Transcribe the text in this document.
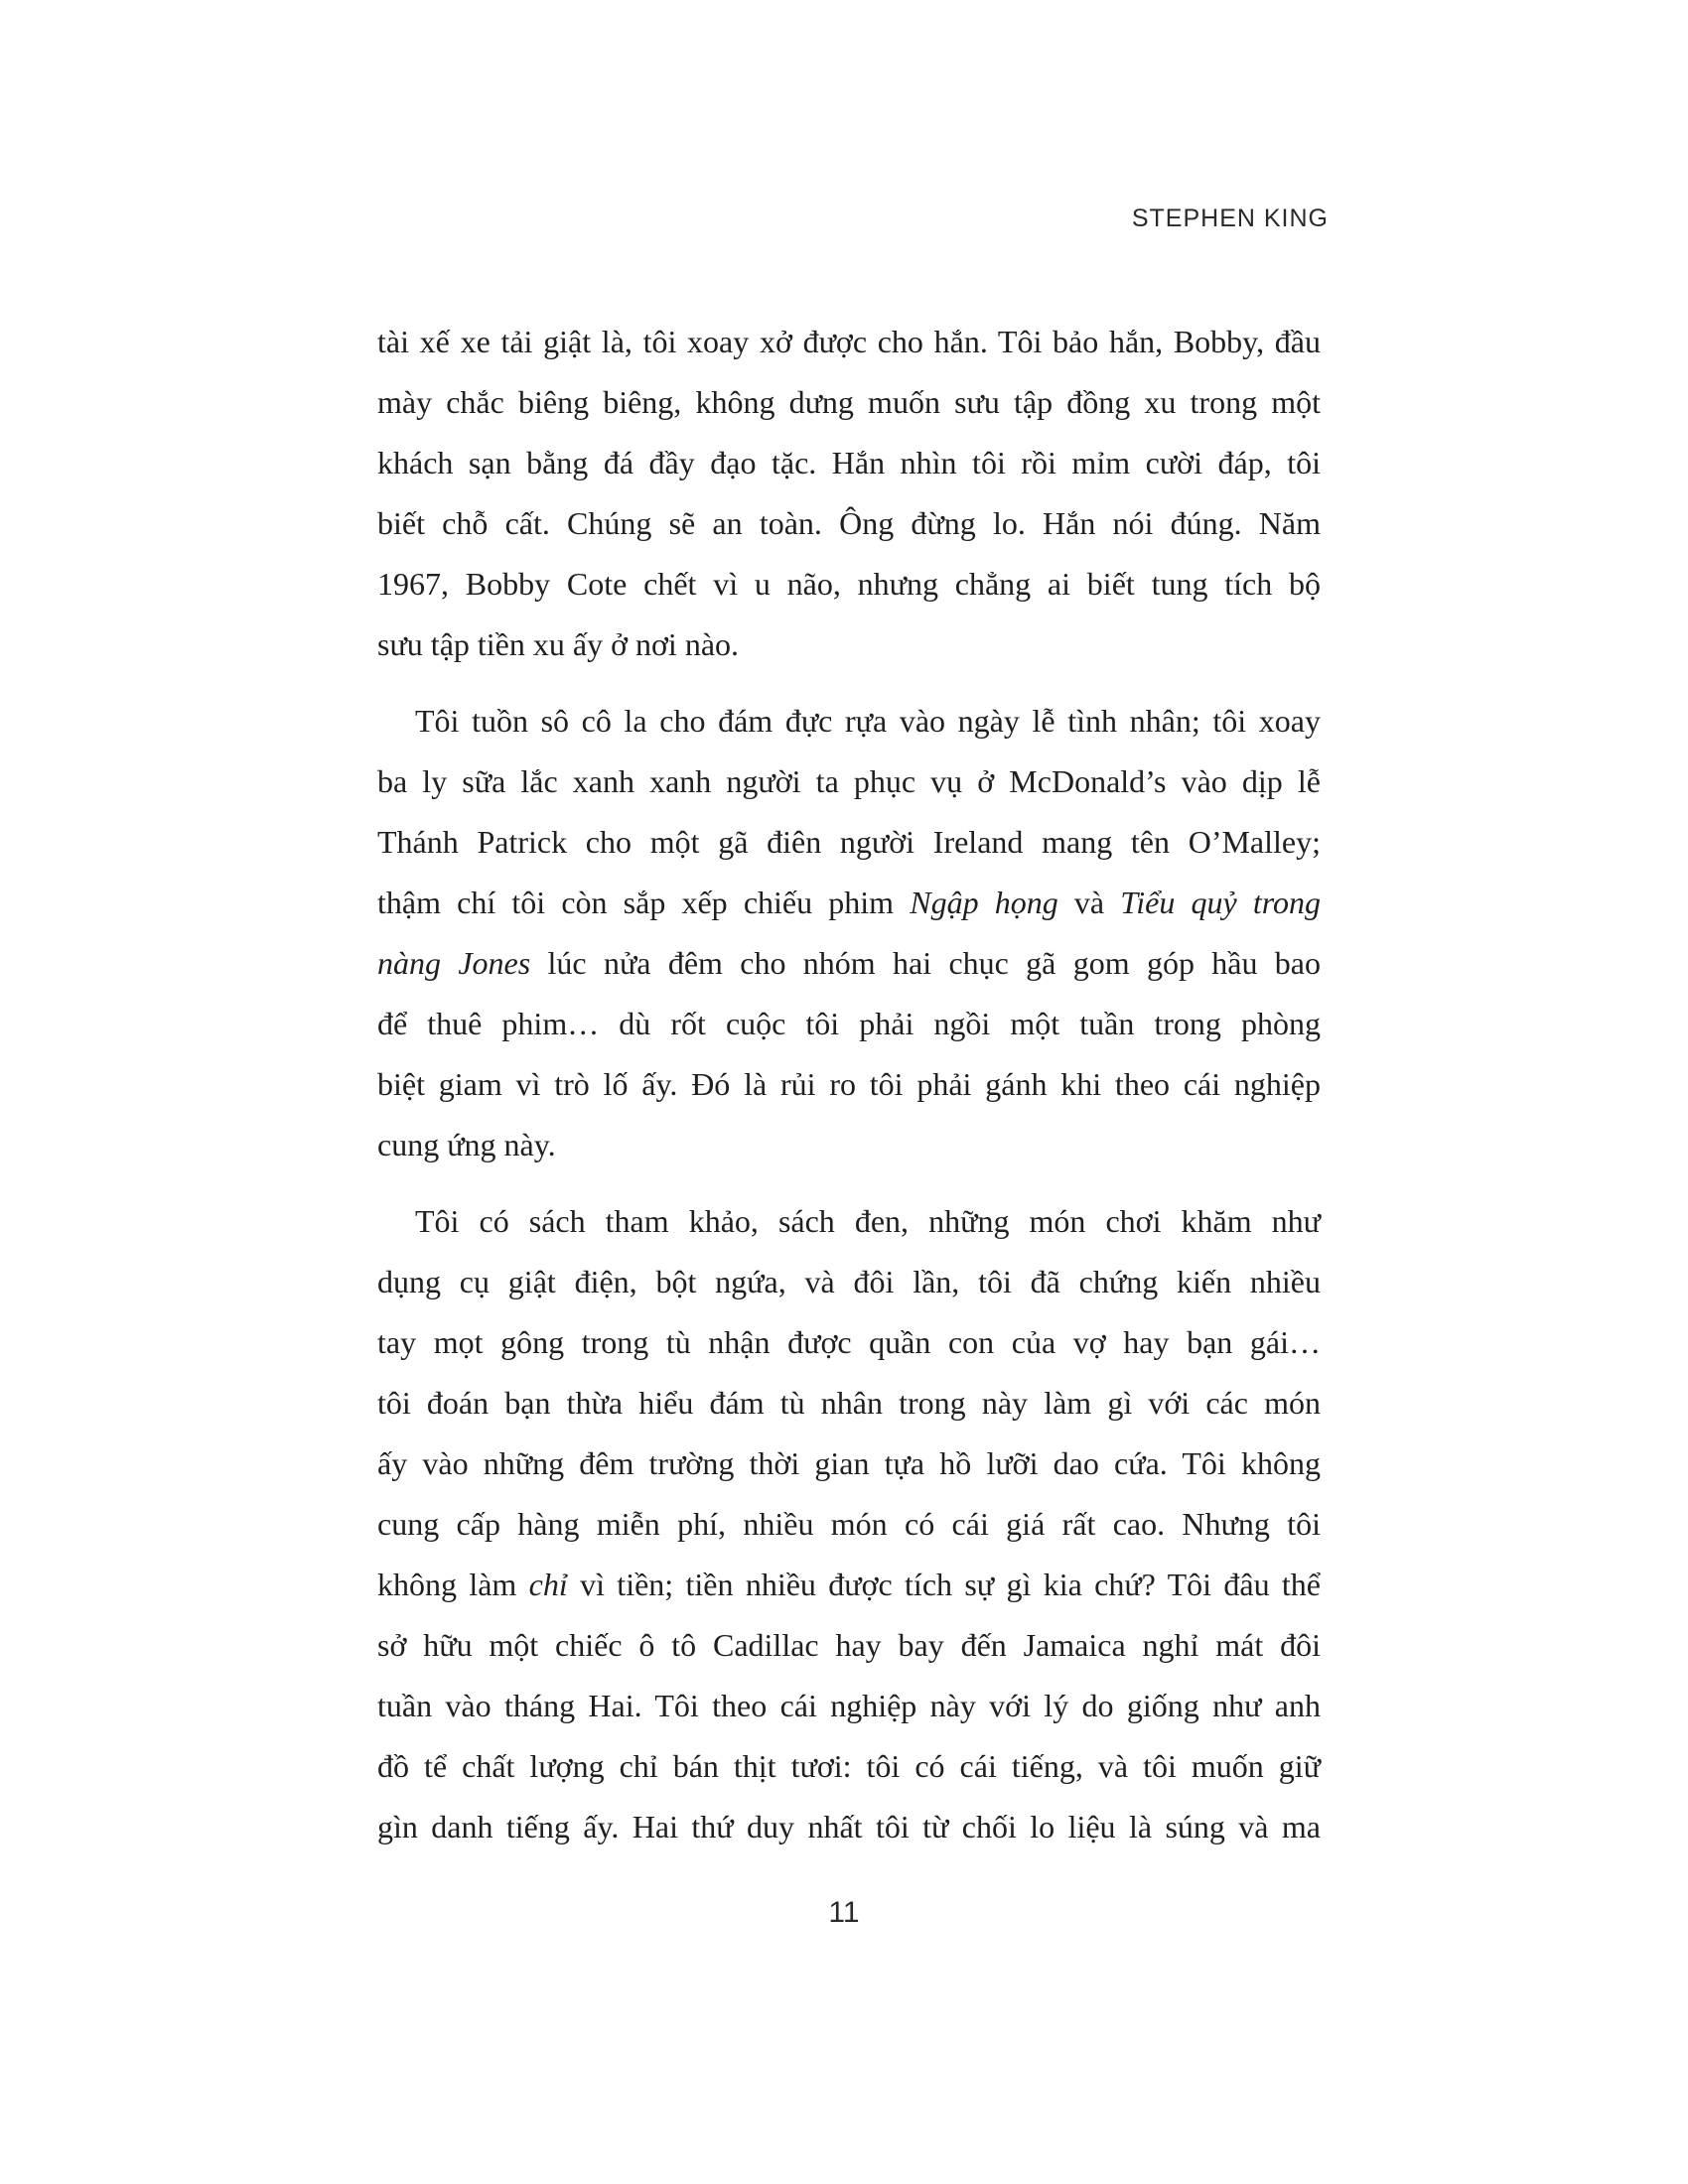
STEPHEN KING
tài xế xe tải giật là, tôi xoay xở được cho hắn. Tôi bảo hắn, Bobby, đầu
mày chắc biêng biêng, không dưng muốn sưu tập đồng xu trong một
khách sạn bằng đá đầy đạo tặc. Hắn nhìn tôi rồi mỉm cười đáp, tôi
biết chỗ cất. Chúng sẽ an toàn. Ông đừng lo. Hắn nói đúng. Năm
1967, Bobby Cote chết vì u não, nhưng chẳng ai biết tung tích bộ
sưu tập tiền xu ấy ở nơi nào.
Tôi tuồn sô cô la cho đám đực rựa vào ngày lễ tình nhân; tôi xoay
ba ly sữa lắc xanh xanh người ta phục vụ ở McDonald’s vào dịp lễ
Thánh Patrick cho một gã điên người Ireland mang tên O’Malley;
thậm chí tôi còn sắp xếp chiếu phim Ngập họng và Tiểu quỷ trong
nàng Jones lúc nửa đêm cho nhóm hai chục gã gom góp hầu bao
để thuê phim… dù rốt cuộc tôi phải ngồi một tuần trong phòng
biệt giam vì trò lố ấy. Đó là rủi ro tôi phải gánh khi theo cái nghiệp
cung ứng này.
Tôi có sách tham khảo, sách đen, những món chơi khăm như
dụng cụ giật điện, bột ngứa, và đôi lần, tôi đã chứng kiến nhiều
tay mọt gông trong tù nhận được quần con của vợ hay bạn gái…
tôi đoán bạn thừa hiểu đám tù nhân trong này làm gì với các món
ấy vào những đêm trường thời gian tựa hồ lưỡi dao cứa. Tôi không
cung cấp hàng miễn phí, nhiều món có cái giá rất cao. Nhưng tôi
không làm chỉ vì tiền; tiền nhiều được tích sự gì kia chứ? Tôi đâu thể
sở hữu một chiếc ô tô Cadillac hay bay đến Jamaica nghỉ mát đôi
tuần vào tháng Hai. Tôi theo cái nghiệp này với lý do giống như anh
đồ tể chất lượng chỉ bán thịt tươi: tôi có cái tiếng, và tôi muốn giữ
gìn danh tiếng ấy. Hai thứ duy nhất tôi từ chối lo liệu là súng và ma
11
